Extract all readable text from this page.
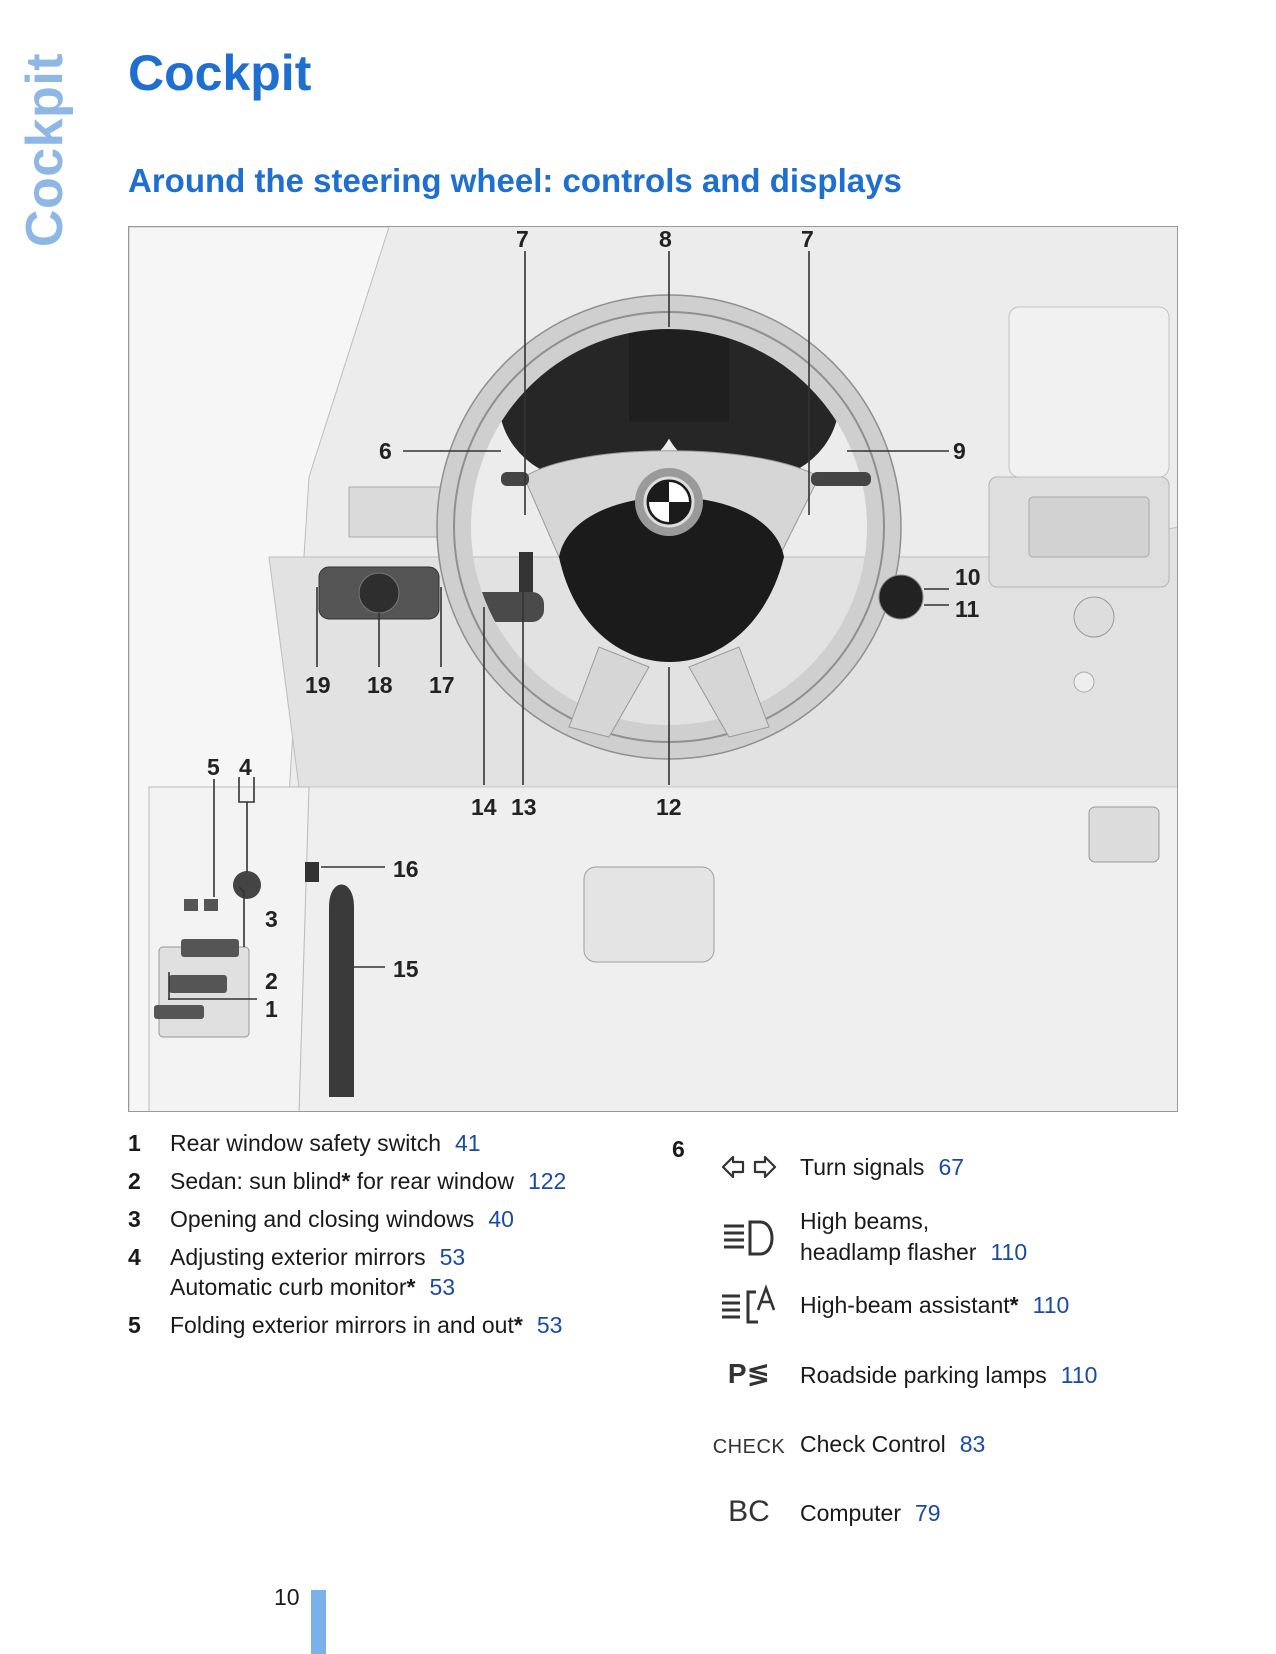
Cockpit Cockpit
Around the steering wheel: controls and displays
7	8	7
6	9
10
11
19 18 17
14 13	12
5 4
3
2
1
16
15
1 Rear window safety switch 41
2 Sedan: sun blind* for rear window 122
3 Opening and closing windows 40
4 Adjusting exterior mirrors 53
Automatic curb monitor* 53
5 Folding exterior mirrors in and out* 53
6
Turn signals 67
High beams,
headlamp flasher 110
High-beam assistant* 110
P≶	Roadside parking lamps 110
CHECK Check Control 83
BC	Computer 79
10
